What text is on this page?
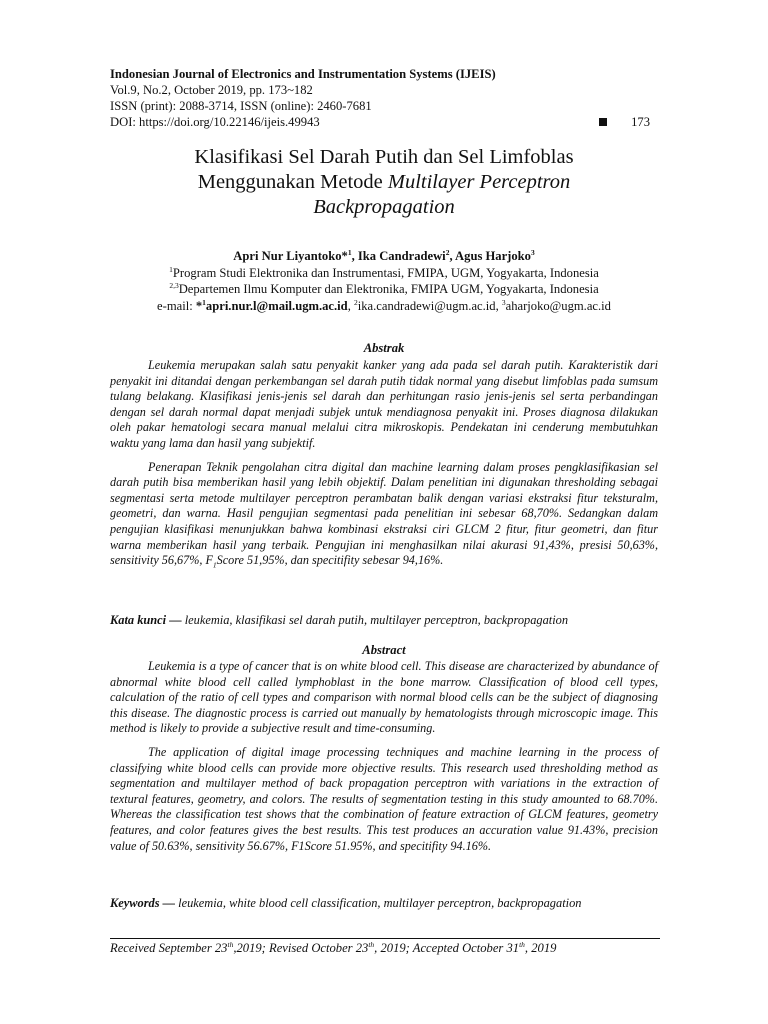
Indonesian Journal of Electronics and Instrumentation Systems (IJEIS)
Vol.9, No.2, October 2019, pp. 173~182
ISSN (print): 2088-3714, ISSN (online): 2460-7681
DOI: https://doi.org/10.22146/ijeis.49943	173
Klasifikasi Sel Darah Putih dan Sel Limfoblas
Menggunakan Metode Multilayer Perceptron
Backpropagation
Apri Nur Liyantoko*$^1$, Ika Candradewi$^2$, Agus Harjoko$^3$
$^1$Program Studi Elektronika dan Instrumentasi, FMIPA, UGM, Yogyakarta, Indonesia
$^{2,3}$Departemen Ilmu Komputer dan Elektronika, FMIPA UGM, Yogyakarta, Indonesia
e-mail: *$^1$apri.nur.l@mail.ugm.ac.id, $^2$ika.candradewi@ugm.ac.id, $^3$aharjoko@ugm.ac.id
Abstrak

Leukemia merupakan salah satu penyakit kanker yang ada pada sel darah putih. Karakteristik dari penyakit ini ditandai dengan perkembangan sel darah putih tidak normal yang disebut limfoblas pada sumsum tulang belakang. Klasifikasi jenis-jenis sel darah dan perhitungan rasio jenis-jenis sel serta perbandingan dengan sel darah normal dapat menjadi subjek untuk mendiagnosa penyakit ini. Proses diagnosa dilakukan oleh pakar hematologi secara manual melalui citra mikroskopis. Pendekatan ini cenderung membutuhkan waktu yang lama dan hasil yang subjektif.

Penerapan Teknik pengolahan citra digital dan machine learning dalam proses pengklasifikasian sel darah putih bisa memberikan hasil yang lebih objektif. Dalam penelitian ini digunakan thresholding sebagai segmentasi serta metode multilayer perceptron perambatan balik dengan variasi ekstraksi fitur teksturalm, geometri, dan warna. Hasil pengujian segmentasi pada penelitian ini sebesar 68,70%. Sedangkan dalam pengujian klasifikasi menunjukkan bahwa kombinasi ekstraksi ciri GLCM 2 fitur, fitur geometri, dan fitur warna memberikan hasil yang terbaik. Pengujian ini menghasilkan nilai akurasi 91,43%, presisi 50,63%, sensitivity 56,67%, $F_1Score$ 51,95%, dan specitifity sebesar 94,16%.

Kata kunci — leukemia, klasifikasi sel darah putih, multilayer perceptron, backpropagation
Abstract

Leukemia is a type of cancer that is on white blood cell. This disease are characterized by abundance of abnormal white blood cell called lymphoblast in the bone marrow. Classification of blood cell types, calculation of the ratio of cell types and comparison with normal blood cells can be the subject of diagnosing this disease. The diagnostic process is carried out manually by hematologists through microscopic image. This method is likely to provide a subjective result and time-consuming.

The application of digital image processing techniques and machine learning in the process of classifying white blood cells can provide more objective results. This research used thresholding method as segmentation and multilayer method of back propagation perceptron with variations in the extraction of textural features, geometry, and colors. The results of segmentation testing in this study amounted to 68.70%. Whereas the classification test shows that the combination of feature extraction of GLCM features, geometry features, and color features gives the best results. This test produces an accuration value 91.43%, precision value of 50.63%, sensitivity 56.67%, F1Score 51.95%, and specitifity 94.16%.

Keywords — leukemia, white blood cell classification, multilayer perceptron, backpropagation
Received September 23th,2019; Revised October 23th, 2019; Accepted October 31th, 2019
